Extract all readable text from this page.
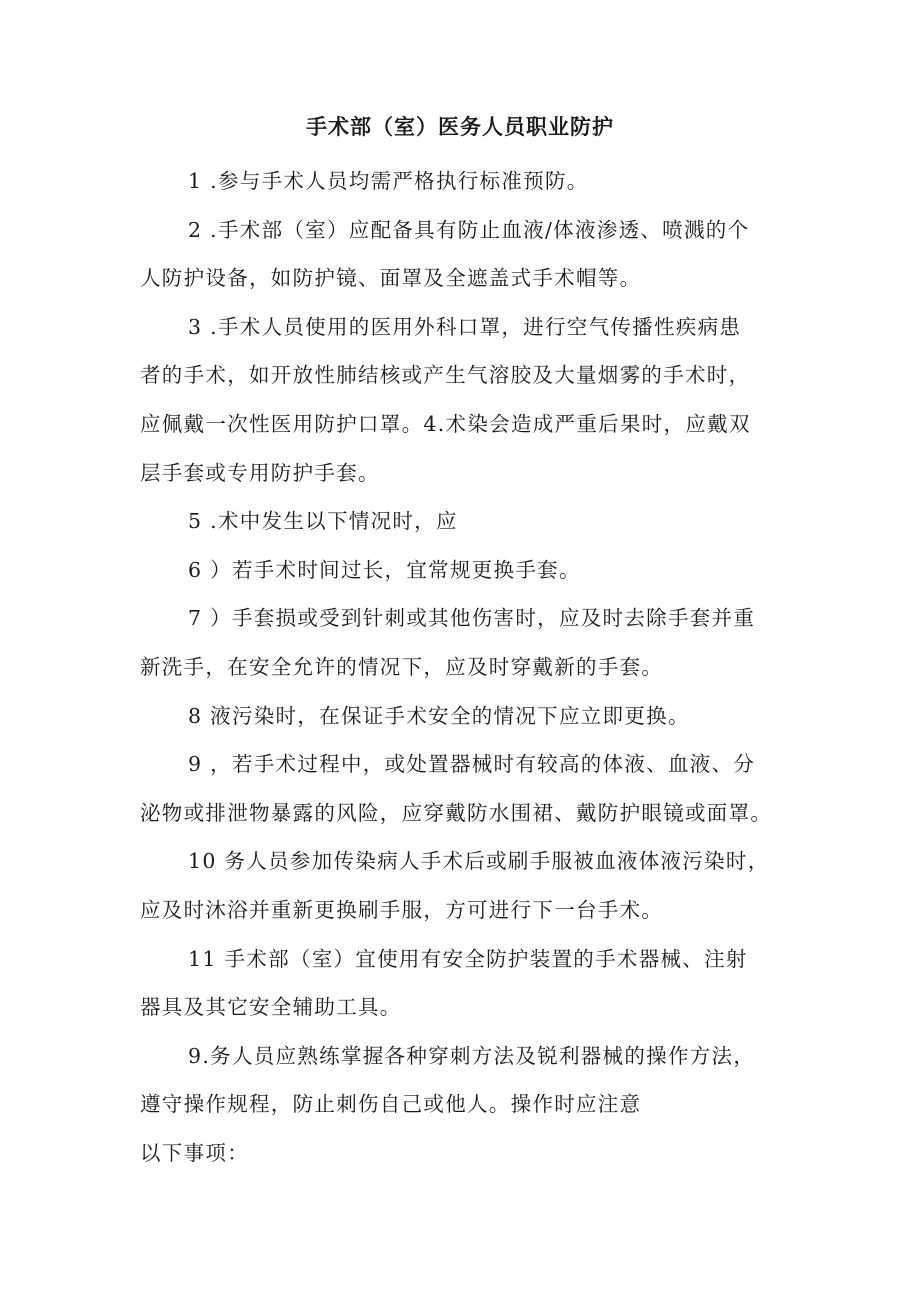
手术部（室）医务人员职业防护

1 .参与手术人员均需严格执行标准预防。

2 .手术部（室）应配备具有防止血液/体液渗透、喷溅的个
人防护设备，如防护镜、面罩及全遮盖式手术帽等。

3 .手术人员使用的医用外科口罩，进行空气传播性疾病患
者的手术，如开放性肺结核或产生气溶胶及大量烟雾的手术时，
应佩戴一次性医用防护口罩。4.术染会造成严重后果时，应戴双
层手套或专用防护手套。

5 .术中发生以下情况时，应

6 ）若手术时间过长，宜常规更换手套。

7 ）手套损或受到针刺或其他伤害时，应及时去除手套并重
新洗手，在安全允许的情况下，应及时穿戴新的手套。

8 液污染时，在保证手术安全的情况下应立即更换。

9 ，若手术过程中，或处置器械时有较高的体液、血液、分
泌物或排泄物暴露的风险，应穿戴防水围裙、戴防护眼镜或面罩。

10 务人员参加传染病人手术后或刷手服被血液体液污染时，
应及时沐浴并重新更换刷手服，方可进行下一台手术。

11 手术部（室）宜使用有安全防护装置的手术器械、注射
器具及其它安全辅助工具。

9.务人员应熟练掌握各种穿刺方法及锐利器械的操作方法，
遵守操作规程，防止刺伤自己或他人。操作时应注意

以下事项：
